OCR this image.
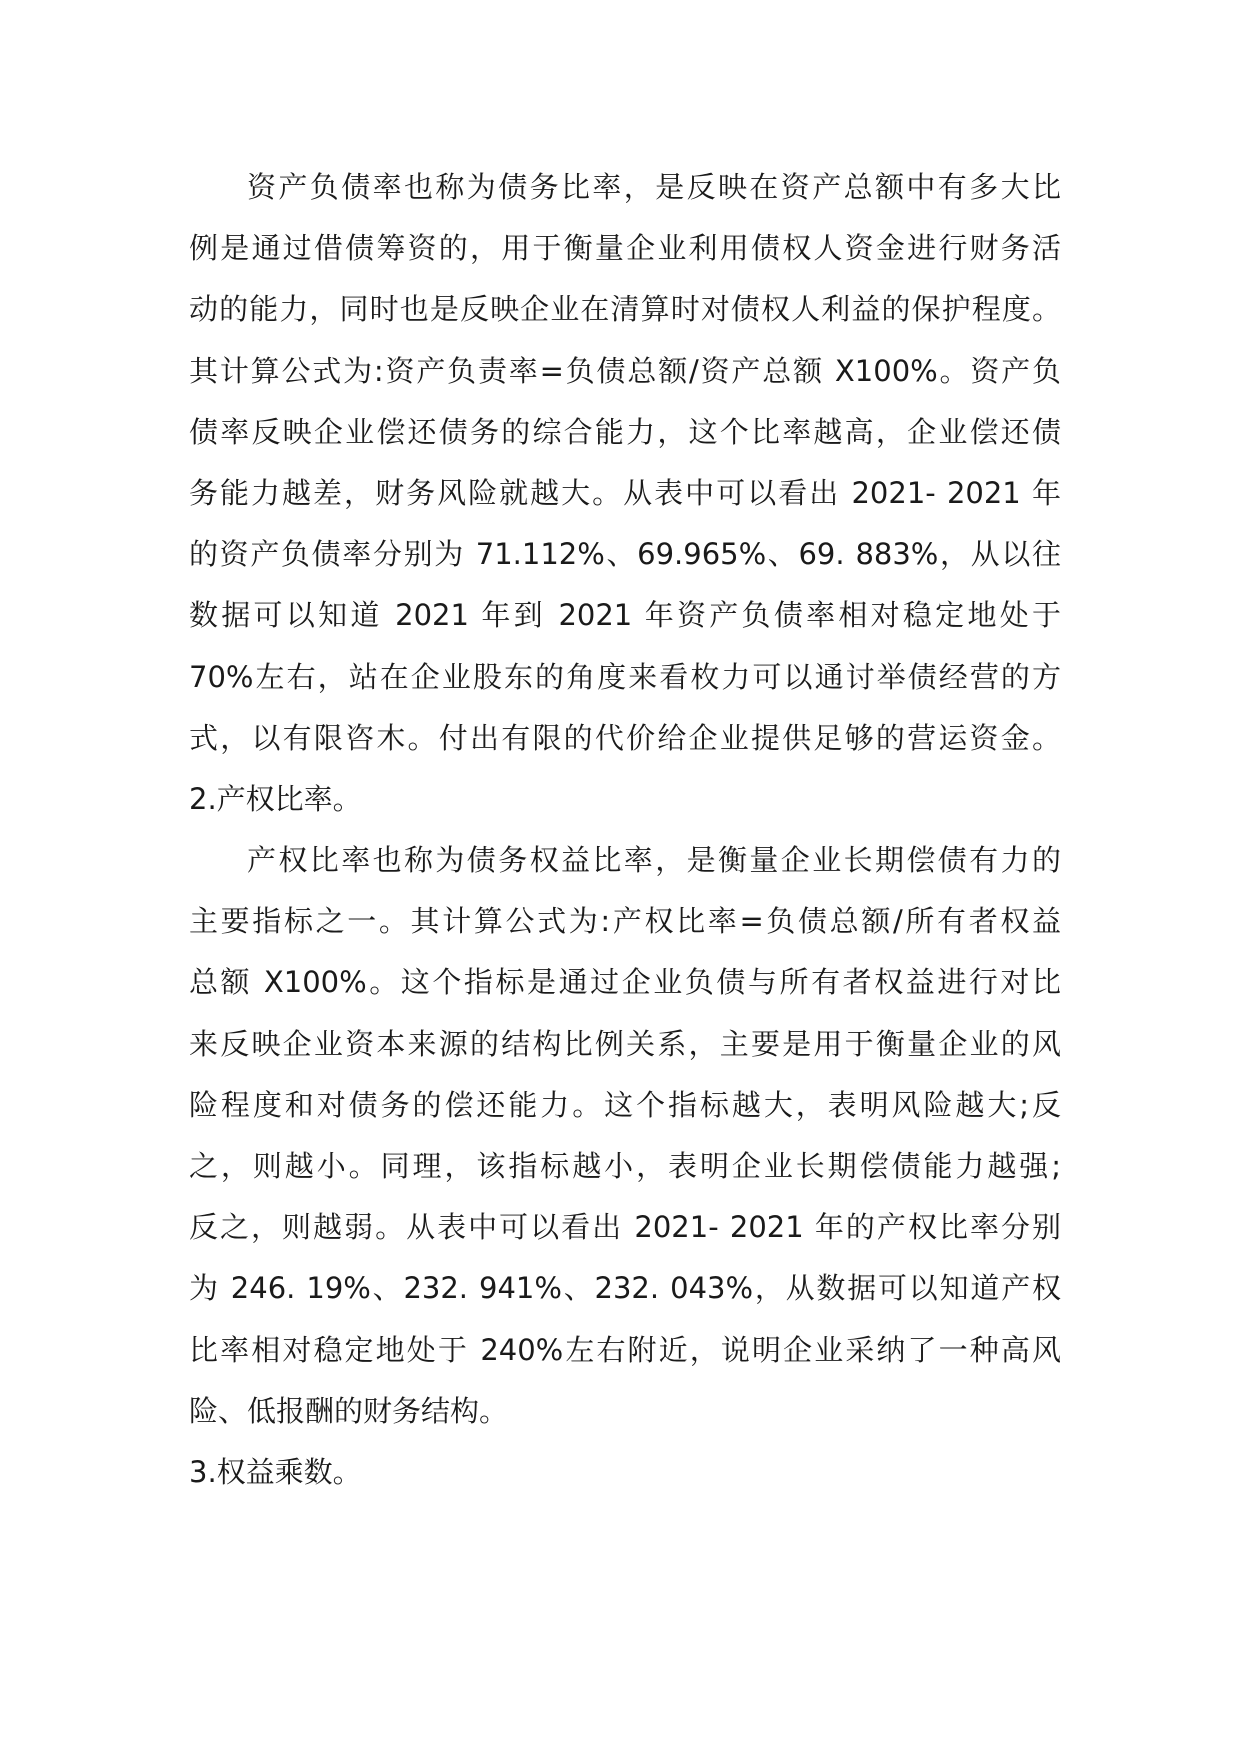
资产负债率也称为债务比率，是反映在资产总额中有多大比
例是通过借债筹资的，用于衡量企业利用债权人资金进行财务活
动的能力，同时也是反映企业在清算时对债权人利益的保护程度。
其计算公式为:资产负责率=负债总额/资产总额 X100%。资产负
债率反映企业偿还债务的综合能力，这个比率越高，企业偿还债
务能力越差，财务风险就越大。从表中可以看出 2021- 2021 年
的资产负债率分别为 71.112%、69.965%、69. 883%，从以往
数据可以知道 2021 年到 2021 年资产负债率相对稳定地处于
70%左右，站在企业股东的角度来看枚力可以通讨举债经营的方
式，以有限咨木。付出有限的代价给企业提供足够的营运资金。
2.产权比率。
产权比率也称为债务权益比率，是衡量企业长期偿债有力的
主要指标之一。其计算公式为:产权比率=负债总额/所有者权益
总额 X100%。这个指标是通过企业负债与所有者权益进行对比
来反映企业资本来源的结构比例关系，主要是用于衡量企业的风
险程度和对债务的偿还能力。这个指标越大，表明风险越大;反
之，则越小。同理，该指标越小，表明企业长期偿债能力越强;
反之，则越弱。从表中可以看出 2021- 2021 年的产权比率分别
为 246. 19%、232. 941%、232. 043%，从数据可以知道产权
比率相对稳定地处于 240%左右附近，说明企业采纳了一种高风
险、低报酬的财务结构。
3.权益乘数。
